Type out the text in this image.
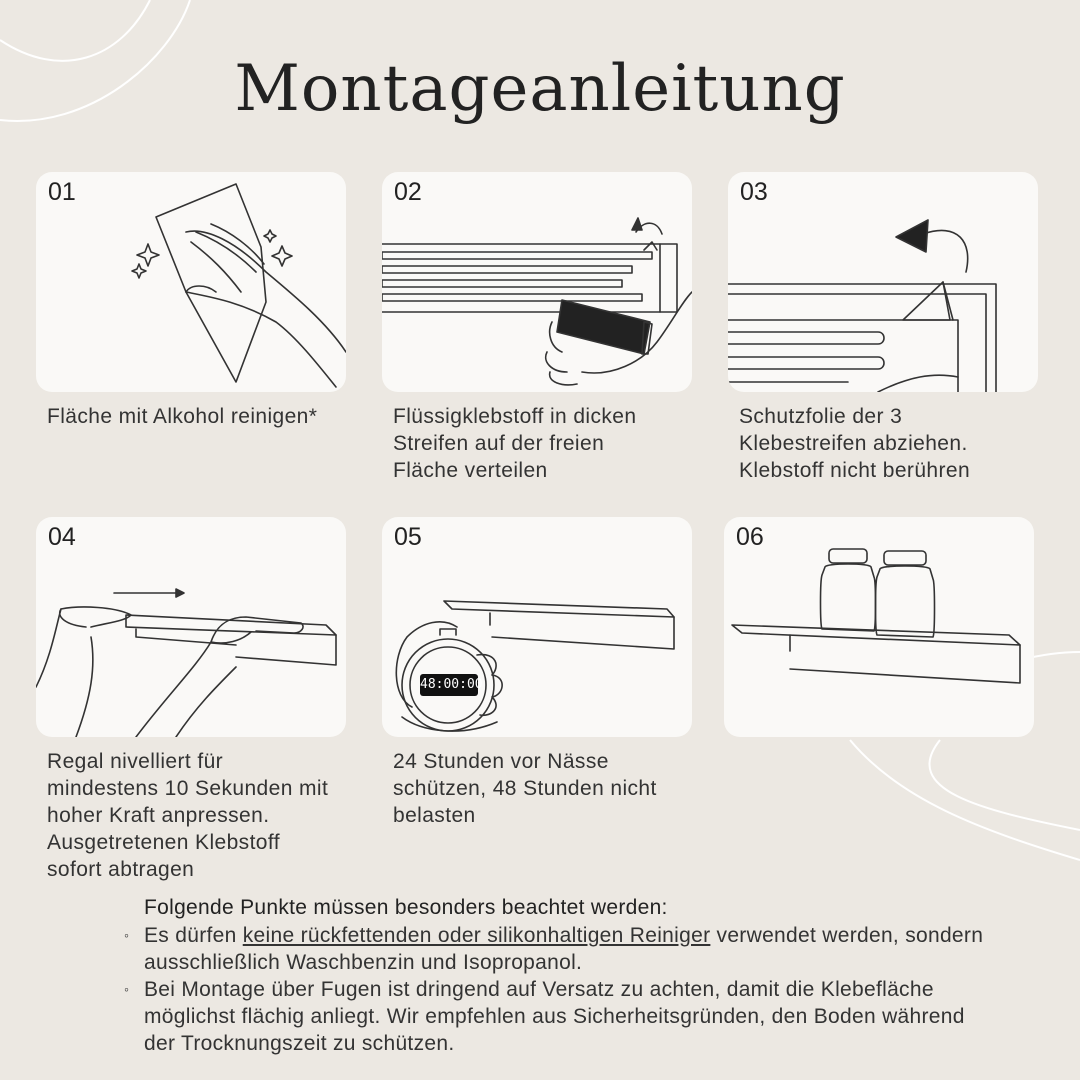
Montageanleitung
01
Fläche mit Alkohol reinigen*
02
Flüssigklebstoff in dicken
Streifen auf der freien
Fläche verteilen
03
Schutzfolie der 3
Klebestreifen abziehen.
Klebstoff nicht berühren
04
Regal nivelliert für
mindestens 10 Sekunden mit
hoher Kraft anpressen.
Ausgetretenen Klebstoff
sofort abtragen
05
48:00:00
24 Stunden vor Nässe
schützen, 48 Stunden nicht
belasten
06
Folgende Punkte müssen besonders beachtet werden:
◦ Es dürfen keine rückfettenden oder silikonhaltigen Reiniger verwendet werden, sondern ausschließlich Waschbenzin und Isopropanol.
◦ Bei Montage über Fugen ist dringend auf Versatz zu achten, damit die Klebefläche möglichst flächig anliegt. Wir empfehlen aus Sicherheitsgründen, den Boden während der Trocknungszeit zu schützen.
